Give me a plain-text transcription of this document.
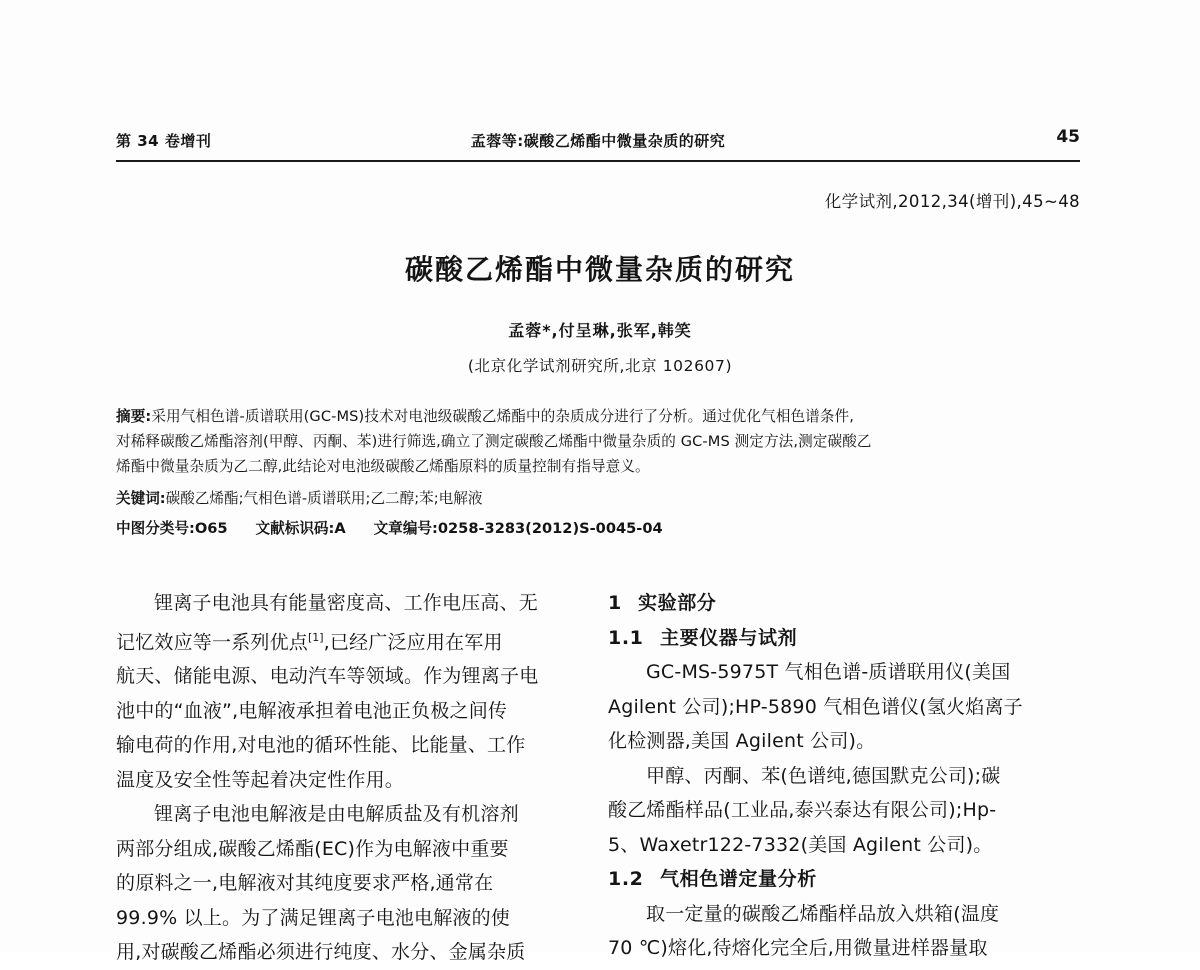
第 34 卷增刊	孟蓉等:碳酸乙烯酯中微量杂质的研究	45
化学试剂,2012,34(增刊),45~48
碳酸乙烯酯中微量杂质的研究
孟蓉*,付呈琳,张军,韩笑
(北京化学试剂研究所,北京 102607)
摘要:采用气相色谱-质谱联用(GC-MS)技术对电池级碳酸乙烯酯中的杂质成分进行了分析。通过优化气相色谱条件,
对稀释碳酸乙烯酯溶剂(甲醇、丙酮、苯)进行筛选,确立了测定碳酸乙烯酯中微量杂质的 GC-MS 测定方法,测定碳酸乙
烯酯中微量杂质为乙二醇,此结论对电池级碳酸乙烯酯原料的质量控制有指导意义。
关键词:碳酸乙烯酯;气相色谱-质谱联用;乙二醇;苯;电解液
中图分类号:O65 文献标识码:A 文章编号:0258-3283(2012)S-0045-04
锂离子电池具有能量密度高、工作电压高、无
记忆效应等一系列优点[1],已经广泛应用在军用
航天、储能电源、电动汽车等领域。作为锂离子电
池中的“血液”,电解液承担着电池正负极之间传
输电荷的作用,对电池的循环性能、比能量、工作
温度及安全性等起着决定性作用。
锂离子电池电解液是由电解质盐及有机溶剂
两部分组成,碳酸乙烯酯(EC)作为电解液中重要
的原料之一,电解液对其纯度要求严格,通常在
99.9% 以上。为了满足锂离子电池电解液的使
用,对碳酸乙烯酯必须进行纯度、水分、金属杂质
1 实验部分
1.1 主要仪器与试剂
GC-MS-5975T 气相色谱-质谱联用仪(美国
Agilent 公司);HP-5890 气相色谱仪(氢火焰离子
化检测器,美国 Agilent 公司)。
甲醇、丙酮、苯(色谱纯,德国默克公司);碳
酸乙烯酯样品(工业品,泰兴泰达有限公司);Hp-
5、Waxetr122-7332(美国 Agilent 公司)。
1.2 气相色谱定量分析
取一定量的碳酸乙烯酯样品放入烘箱(温度
70 ℃)熔化,待熔化完全后,用微量进样器量取
